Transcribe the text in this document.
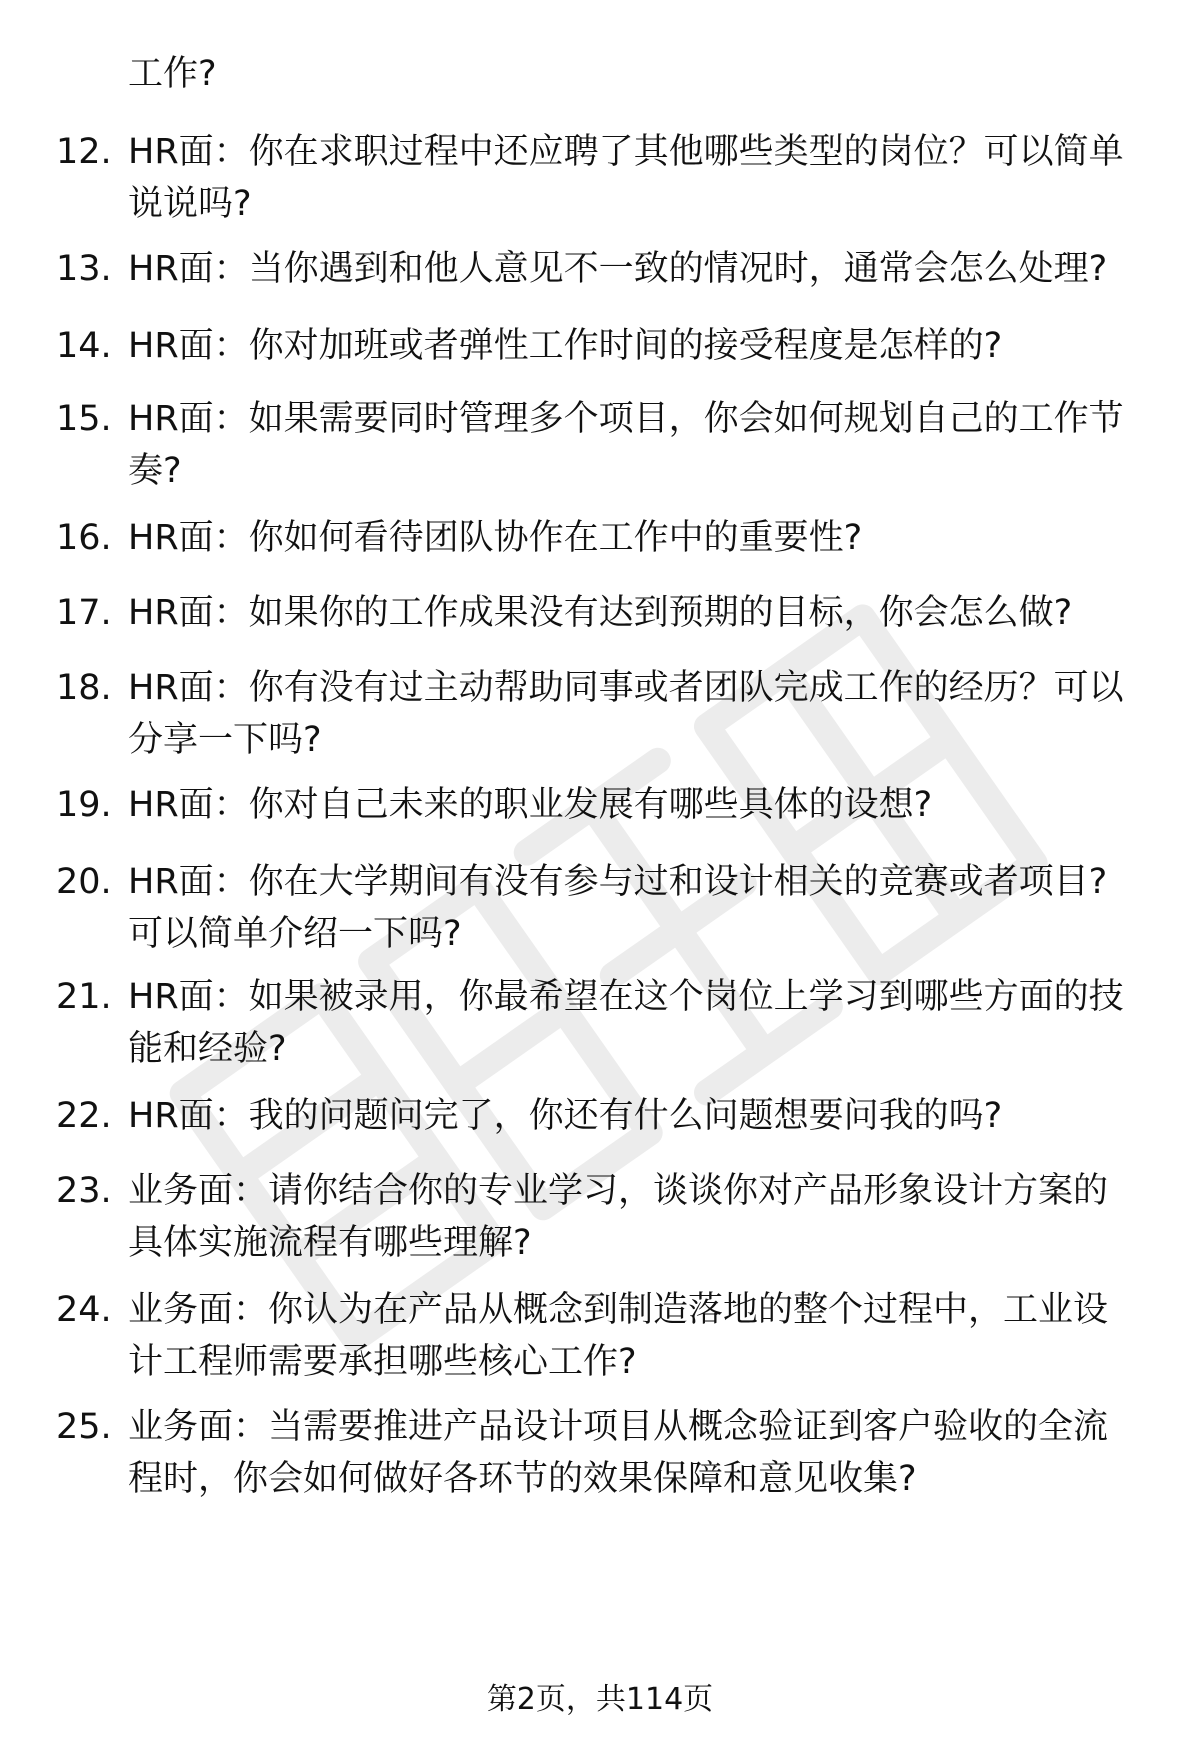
工作?
12. HR面：你在求职过程中还应聘了其他哪些类型的岗位？可以简单
说说吗?
13. HR面：当你遇到和他人意见不一致的情况时，通常会怎么处理?
14. HR面：你对加班或者弹性工作时间的接受程度是怎样的?
15. HR面：如果需要同时管理多个项目，你会如何规划自己的工作节
奏?
16. HR面：你如何看待团队协作在工作中的重要性?
17. HR面：如果你的工作成果没有达到预期的目标，你会怎么做?
18. HR面：你有没有过主动帮助同事或者团队完成工作的经历？可以
分享一下吗?
19. HR面：你对自己未来的职业发展有哪些具体的设想?
20. HR面：你在大学期间有没有参与过和设计相关的竞赛或者项目?
可以简单介绍一下吗?
21. HR面：如果被录用，你最希望在这个岗位上学习到哪些方面的技
能和经验?
22. HR面：我的问题问完了，你还有什么问题想要问我的吗?
23. 业务面：请你结合你的专业学习，谈谈你对产品形象设计方案的
具体实施流程有哪些理解?
24. 业务面：你认为在产品从概念到制造落地的整个过程中，工业设
计工程师需要承担哪些核心工作?
25. 业务面：当需要推进产品设计项目从概念验证到客户验收的全流
程时，你会如何做好各环节的效果保障和意见收集?
第2页，共114页
